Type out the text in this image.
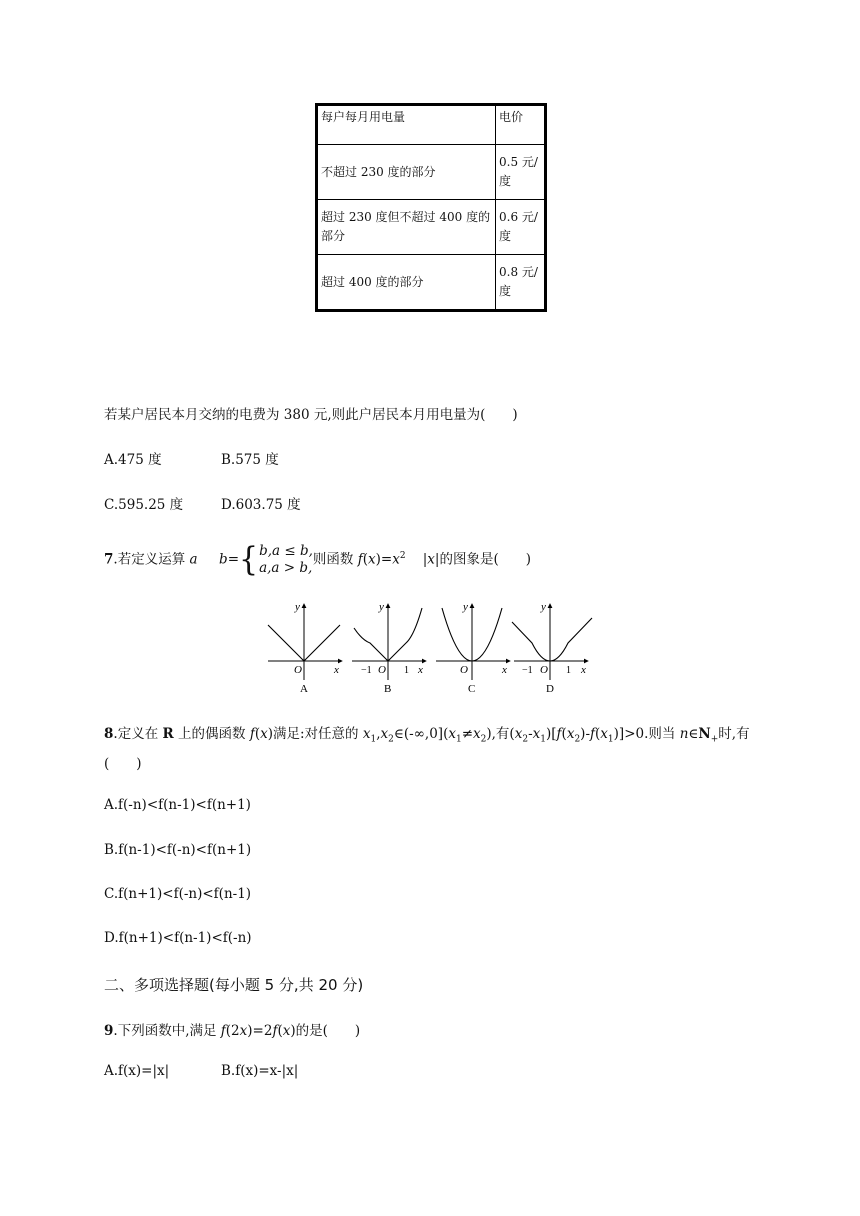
每户每月用电量	电价
不超过 230 度的部分	0.5 元/度
超过 230 度但不超过 400 度的部分	0.6 元/度
超过 400 度的部分	0.8 元/度
若某户居民本月交纳的电费为 380 元,则此户居民本月用电量为(　　)
A.475 度	B.575 度
C.595.25 度	D.603.75 度
7.若定义运算 a b={b,a ≤ b,
a,a > b,则函数 $f(x)=x^2$    |x|的图象是(　　)
y
x
O
A
y
x
O
−1	1
B
y
x
O
C
y
x
O
−1	1
D
8.定义在 R 上的偶函数 f(x)满足:对任意的 $x_1,x_2\in(-\infty,0](x_1\ne x_2)$,有$(x_2-x_1)[f(x_2)-f(x_1)]>0$.则当 $n\in N_+$时,有
(　　)
A.f(-n)<f(n-1)<f(n+1)
B.f(n-1)<f(-n)<f(n+1)
C.f(n+1)<f(-n)<f(n-1)
D.f(n+1)<f(n-1)<f(-n)
二、多项选择题(每小题 5 分,共 20 分)
9.下列函数中,满足 f(2x)=2f(x)的是(　　)
A.f(x)=|x|	B.f(x)=x-|x|
